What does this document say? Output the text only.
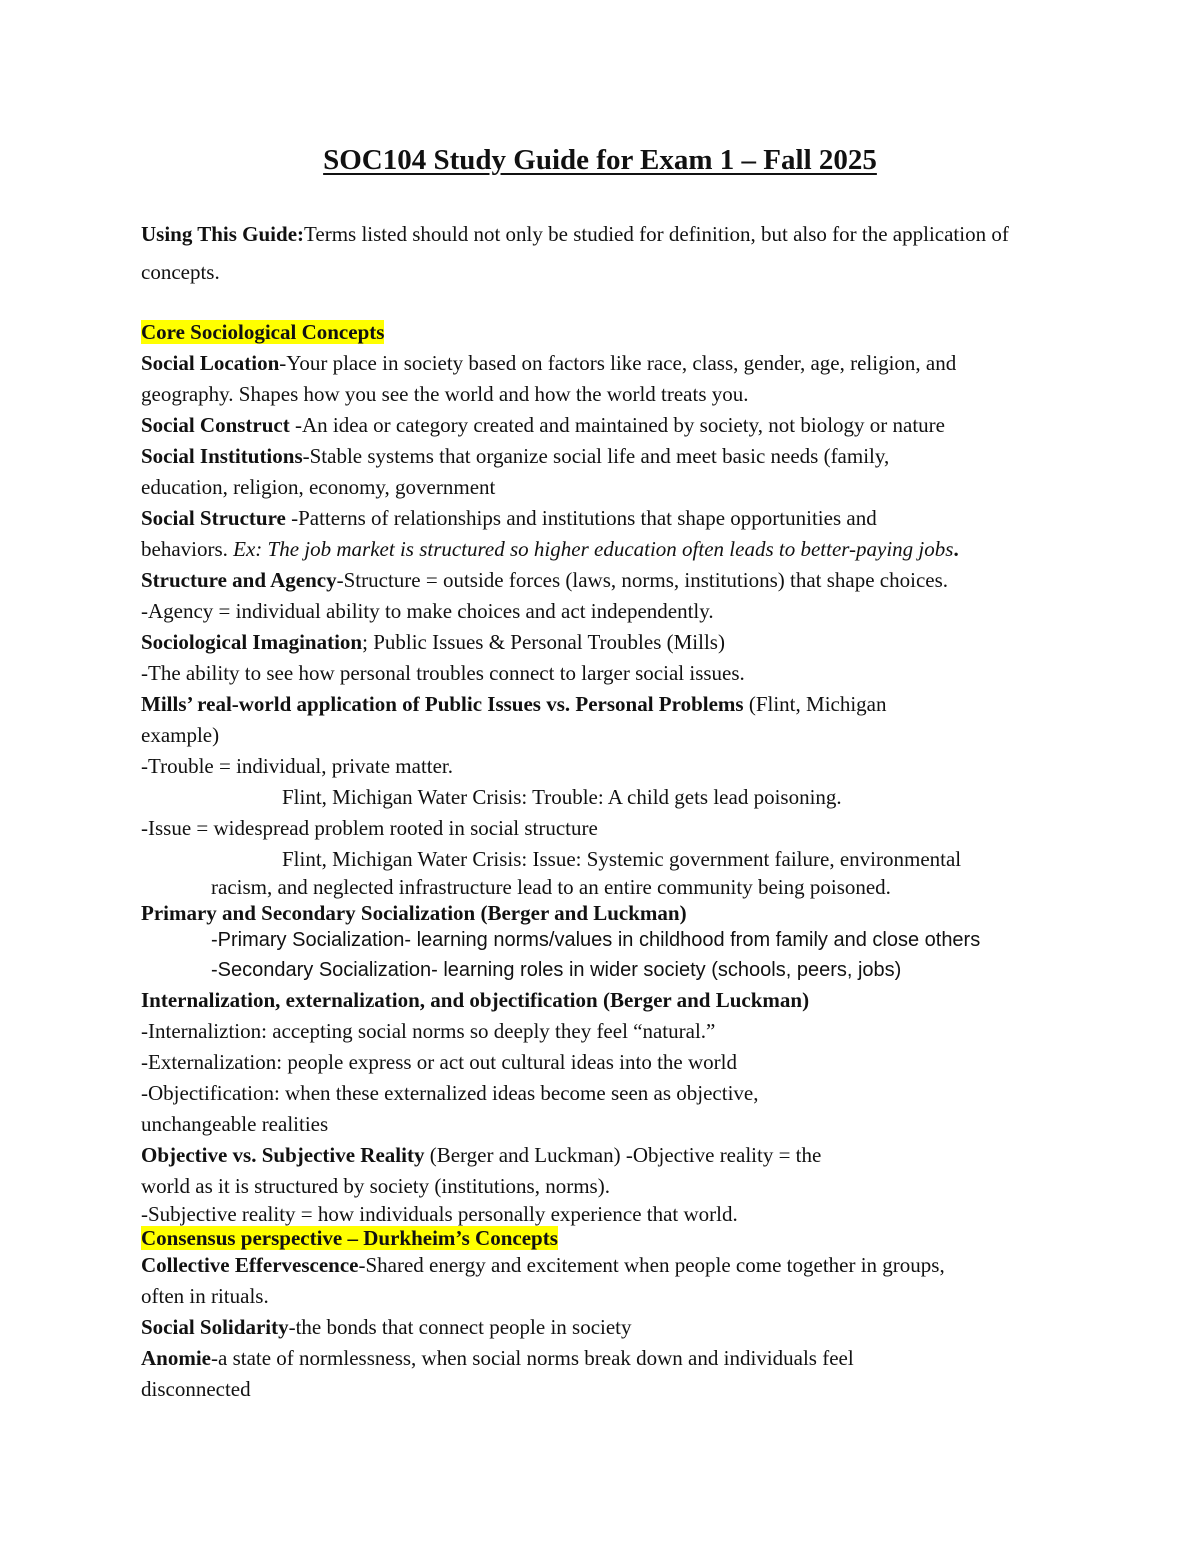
SOC104 Study Guide for Exam 1 – Fall 2025
Using This Guide:Terms listed should not only be studied for definition, but also for the application of concepts.
Core Sociological Concepts
Social Location-Your place in society based on factors like race, class, gender, age, religion, and
geography. Shapes how you see the world and how the world treats you.
Social Construct -An idea or category created and maintained by society, not biology or nature
Social Institutions-Stable systems that organize social life and meet basic needs (family,
education, religion, economy, government
Social Structure -Patterns of relationships and institutions that shape opportunities and
behaviors. Ex: The job market is structured so higher education often leads to better-paying jobs.
Structure and Agency-Structure = outside forces (laws, norms, institutions) that shape choices.
-Agency = individual ability to make choices and act independently.
Sociological Imagination; Public Issues & Personal Troubles (Mills)
-The ability to see how personal troubles connect to larger social issues.
Mills’ real-world application of Public Issues vs. Personal Problems (Flint, Michigan
example)
-Trouble = individual, private matter.
Flint, Michigan Water Crisis: Trouble: A child gets lead poisoning.
-Issue = widespread problem rooted in social structure
Flint, Michigan Water Crisis: Issue: Systemic government failure, environmental
racism, and neglected infrastructure lead to an entire community being poisoned.
Primary and Secondary Socialization (Berger and Luckman)
-Primary Socialization- learning norms/values in childhood from family and close others
-Secondary Socialization- learning roles in wider society (schools, peers, jobs)
Internalization, externalization, and objectification (Berger and Luckman)
-Internaliztion: accepting social norms so deeply they feel “natural.”
-Externalization: people express or act out cultural ideas into the world
-Objectification: when these externalized ideas become seen as objective,
unchangeable realities
Objective vs. Subjective Reality (Berger and Luckman) -Objective reality = the
world as it is structured by society (institutions, norms).
-Subjective reality = how individuals personally experience that world.
Consensus perspective – Durkheim’s Concepts
Collective Effervescence-Shared energy and excitement when people come together in groups,
often in rituals.
Social Solidarity-the bonds that connect people in society
Anomie-a state of normlessness, when social norms break down and individuals feel
disconnected
